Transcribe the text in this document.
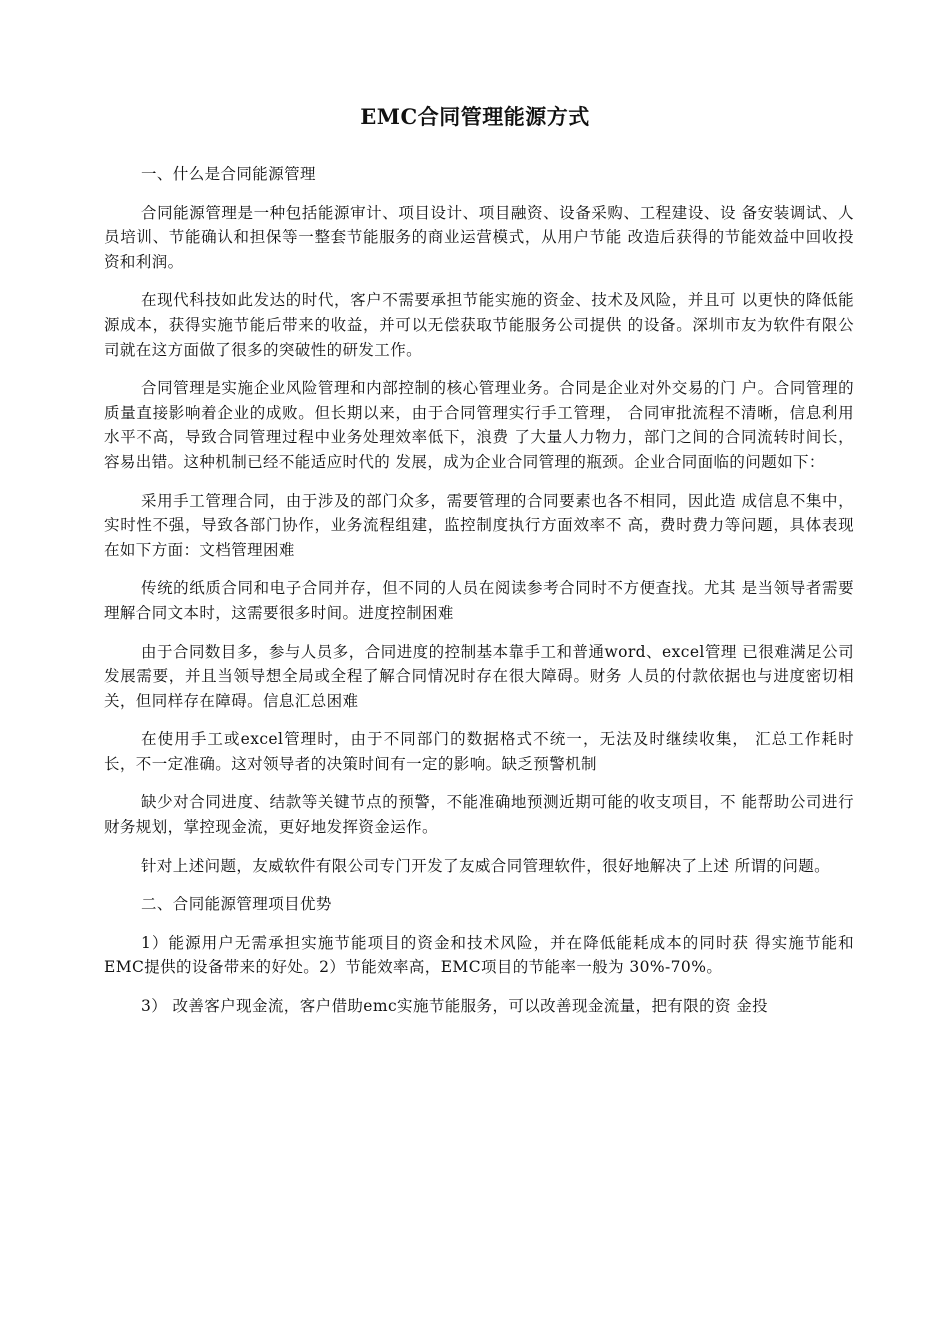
EMC合同管理能源方式

一、什么是合同能源管理

合同能源管理是一种包括能源审计、项目设计、项目融资、设备采购、工程建设、设 备安装调试、人员培训、节能确认和担保等一整套节能服务的商业运营模式，从用户节能 改造后获得的节能效益中回收投资和利润。

在现代科技如此发达的时代，客户不需要承担节能实施的资金、技术及风险，并且可 以更快的降低能源成本，获得实施节能后带来的收益，并可以无偿获取节能服务公司提供 的设备。深圳市友为软件有限公司就在这方面做了很多的突破性的研发工作。

合同管理是实施企业风险管理和内部控制的核心管理业务。合同是企业对外交易的门 户。合同管理的质量直接影响着企业的成败。但长期以来，由于合同管理实行手工管理， 合同审批流程不清晰，信息利用水平不高，导致合同管理过程中业务处理效率低下，浪费 了大量人力物力，部门之间的合同流转时间长，容易出错。这种机制已经不能适应时代的 发展，成为企业合同管理的瓶颈。企业合同面临的问题如下：

采用手工管理合同，由于涉及的部门众多，需要管理的合同要素也各不相同，因此造 成信息不集中，实时性不强，导致各部门协作，业务流程组建，监控制度执行方面效率不 高，费时费力等问题，具体表现在如下方面：文档管理困难

传统的纸质合同和电子合同并存，但不同的人员在阅读参考合同时不方便查找。尤其 是当领导者需要理解合同文本时，这需要很多时间。进度控制困难

由于合同数目多，参与人员多，合同进度的控制基本靠手工和普通word、excel管理 已很难满足公司发展需要，并且当领导想全局或全程了解合同情况时存在很大障碍。财务 人员的付款依据也与进度密切相关，但同样存在障碍。信息汇总困难

在使用手工或excel管理时，由于不同部门的数据格式不统一，无法及时继续收集， 汇总工作耗时长，不一定准确。这对领导者的决策时间有一定的影响。缺乏预警机制

缺少对合同进度、结款等关键节点的预警，不能准确地预测近期可能的收支项目，不 能帮助公司进行财务规划，掌控现金流，更好地发挥资金运作。

针对上述问题，友威软件有限公司专门开发了友威合同管理软件，很好地解决了上述 所谓的问题。

二、合同能源管理项目优势

1）能源用户无需承担实施节能项目的资金和技术风险，并在降低能耗成本的同时获 得实施节能和EMC提供的设备带来的好处。2）节能效率高，EMC项目的节能率一般为 30%-70%。

3） 改善客户现金流，客户借助emc实施节能服务，可以改善现金流量，把有限的资 金投
